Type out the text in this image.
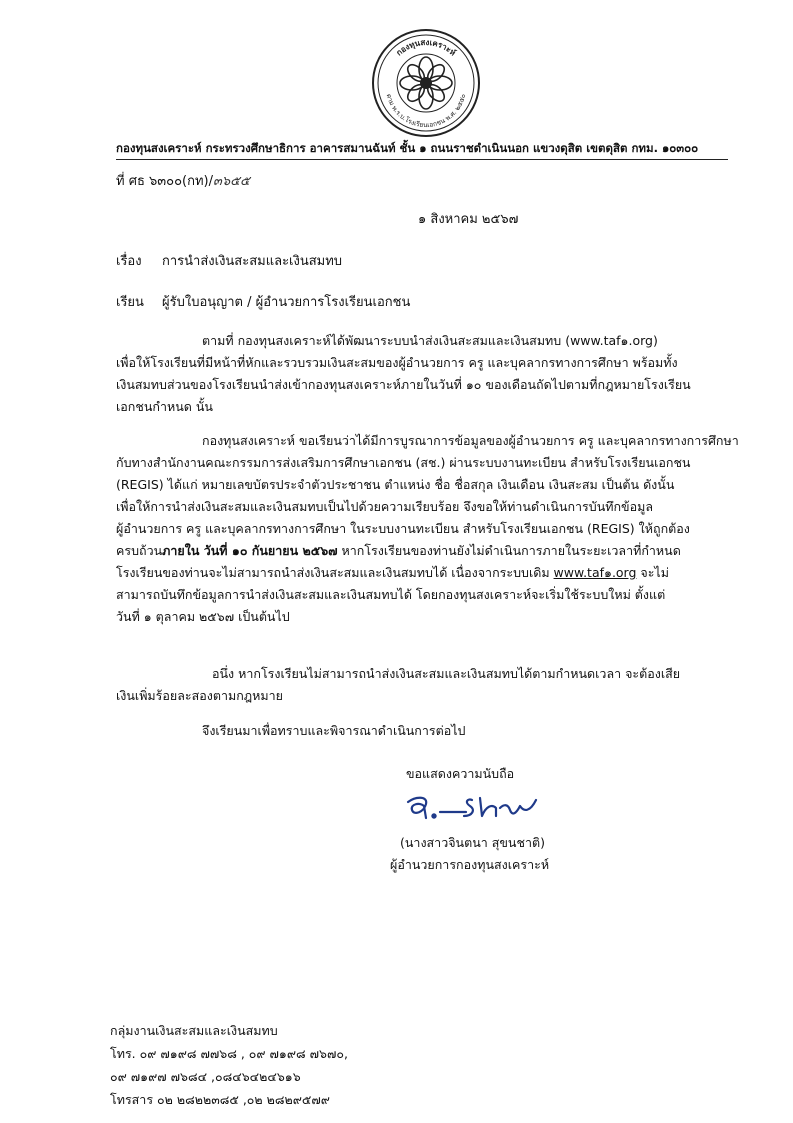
กองทุนสงเคราะห์
ตาม พ.ร.บ.โรงเรียนเอกชน พ.ศ. ๒๕๕๐
กองทุนสงเคราะห์ กระทรวงศึกษาธิการ อาคารสมานฉันท์ ชั้น ๑ ถนนราชดำเนินนอก แขวงดุสิต เขตดุสิต กทม. ๑๐๓๐๐
ที่ ศธ ๖๓๐๐(กท)/๓๖๕๕
๑ สิงหาคม ๒๕๖๗
เรื่อง การนำส่งเงินสะสมและเงินสมทบ
เรียน ผู้รับใบอนุญาต / ผู้อำนวยการโรงเรียนเอกชน
ตามที่ กองทุนสงเคราะห์ได้พัฒนาระบบนำส่งเงินสะสมและเงินสมทบ (www.taf๑.org)
เพื่อให้โรงเรียนที่มีหน้าที่หักและรวบรวมเงินสะสมของผู้อำนวยการ ครู และบุคลากรทางการศึกษา พร้อมทั้ง
เงินสมทบส่วนของโรงเรียนนำส่งเข้ากองทุนสงเคราะห์ภายในวันที่ ๑๐ ของเดือนถัดไปตามที่กฎหมายโรงเรียน
เอกชนกำหนด นั้น
กองทุนสงเคราะห์ ขอเรียนว่าได้มีการบูรณาการข้อมูลของผู้อำนวยการ ครู และบุคลากรทางการศึกษา
กับทางสำนักงานคณะกรรมการส่งเสริมการศึกษาเอกชน (สช.) ผ่านระบบงานทะเบียน สำหรับโรงเรียนเอกชน
(REGIS) ได้แก่ หมายเลขบัตรประจำตัวประชาชน ตำแหน่ง ชื่อ ชื่อสกุล เงินเดือน เงินสะสม เป็นต้น ดังนั้น
เพื่อให้การนำส่งเงินสะสมและเงินสมทบเป็นไปด้วยความเรียบร้อย จึงขอให้ท่านดำเนินการบันทึกข้อมูล
ผู้อำนวยการ ครู และบุคลากรทางการศึกษา ในระบบงานทะเบียน สำหรับโรงเรียนเอกชน (REGIS) ให้ถูกต้อง
ครบถ้วนภายใน วันที่ ๑๐ กันยายน ๒๕๖๗ หากโรงเรียนของท่านยังไม่ดำเนินการภายในระยะเวลาที่กำหนด
โรงเรียนของท่านจะไม่สามารถนำส่งเงินสะสมและเงินสมทบได้ เนื่องจากระบบเดิม www.taf๑.org จะไม่
สามารถบันทึกข้อมูลการนำส่งเงินสะสมและเงินสมทบได้ โดยกองทุนสงเคราะห์จะเริ่มใช้ระบบใหม่ ตั้งแต่
วันที่ ๑ ตุลาคม ๒๕๖๗ เป็นต้นไป
อนึ่ง หากโรงเรียนไม่สามารถนำส่งเงินสะสมและเงินสมทบได้ตามกำหนดเวลา จะต้องเสีย
เงินเพิ่มร้อยละสองตามกฎหมาย
จึงเรียนมาเพื่อทราบและพิจารณาดำเนินการต่อไป
ขอแสดงความนับถือ
(นางสาวจินตนา สุขนชาติ)
ผู้อำนวยการกองทุนสงเคราะห์
กลุ่มงานเงินสะสมและเงินสมทบ
โทร. ๐๙ ๗๑๙๘ ๗๗๖๘ , ๐๙ ๗๑๙๘ ๗๖๗๐,
๐๙ ๗๑๙๗ ๗๖๘๔ ,๐๘๔๖๔๒๔๖๑๖
โทรสาร ๐๒ ๒๘๒๒๓๘๕ ,๐๒ ๒๘๒๙๕๗๙
